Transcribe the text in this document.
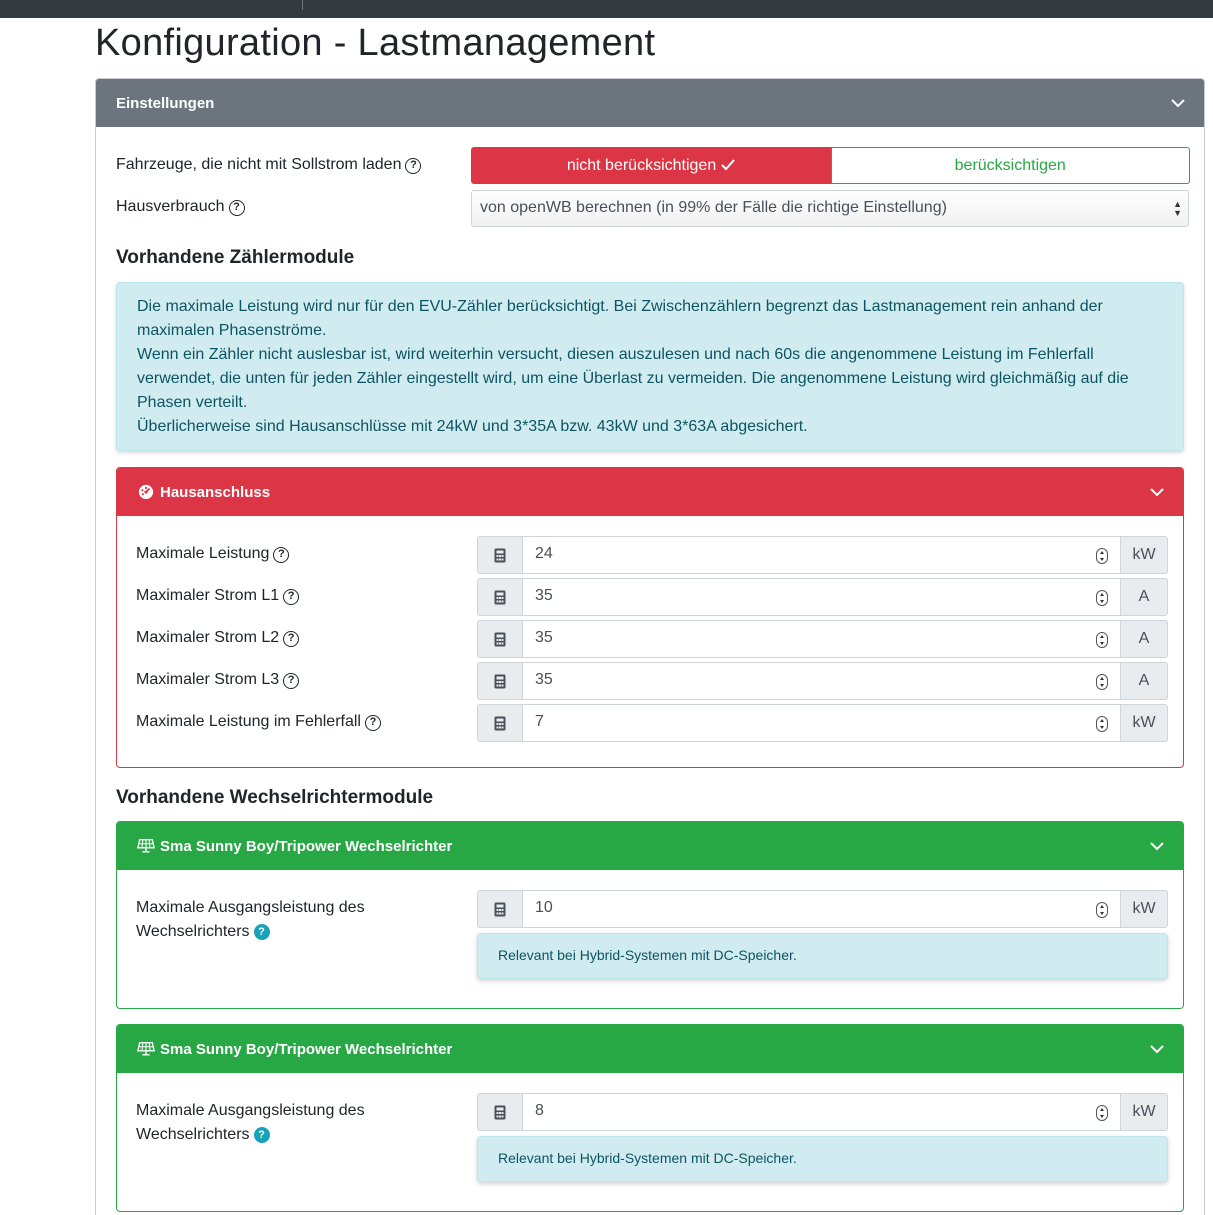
Konfiguration - Lastmanagement
Einstellungen
Fahrzeuge, die nicht mit Sollstrom laden ?	nicht berücksichtigen	berücksichtigen
Hausverbrauch ?	von openWB berechnen (in 99% der Fälle die richtige Einstellung)	▲
▼
Vorhandene Zählermodule
Die maximale Leistung wird nur für den EVU-Zähler berücksichtigt. Bei Zwischenzählern begrenzt das Lastmanagement rein anhand der maximalen Phasenströme.
Wenn ein Zähler nicht auslesbar ist, wird weiterhin versucht, diesen auszulesen und nach 60s die angenommene Leistung im Fehlerfall verwendet, die unten für jeden Zähler eingestellt wird, um eine Überlast zu vermeiden. Die angenommene Leistung wird gleichmäßig auf die Phasen verteilt.
Überlicherweise sind Hausanschlüsse mit 24kW und 3*35A bzw. 43kW und 3*63A abgesichert.
Hausanschluss
Maximale Leistung ?	24	kW
Maximaler Strom L1 ?	35	A
Maximaler Strom L2 ?	35	A
Maximaler Strom L3 ?	35	A
Maximale Leistung im Fehlerfall ?	7	kW
Vorhandene Wechselrichtermodule
Sma Sunny Boy/Tripower Wechselrichter
Maximale Ausgangsleistung des
Wechselrichters ?
10	kW
Relevant bei Hybrid-Systemen mit DC-Speicher.
Sma Sunny Boy/Tripower Wechselrichter
Maximale Ausgangsleistung des
Wechselrichters ?
8	kW
Relevant bei Hybrid-Systemen mit DC-Speicher.
